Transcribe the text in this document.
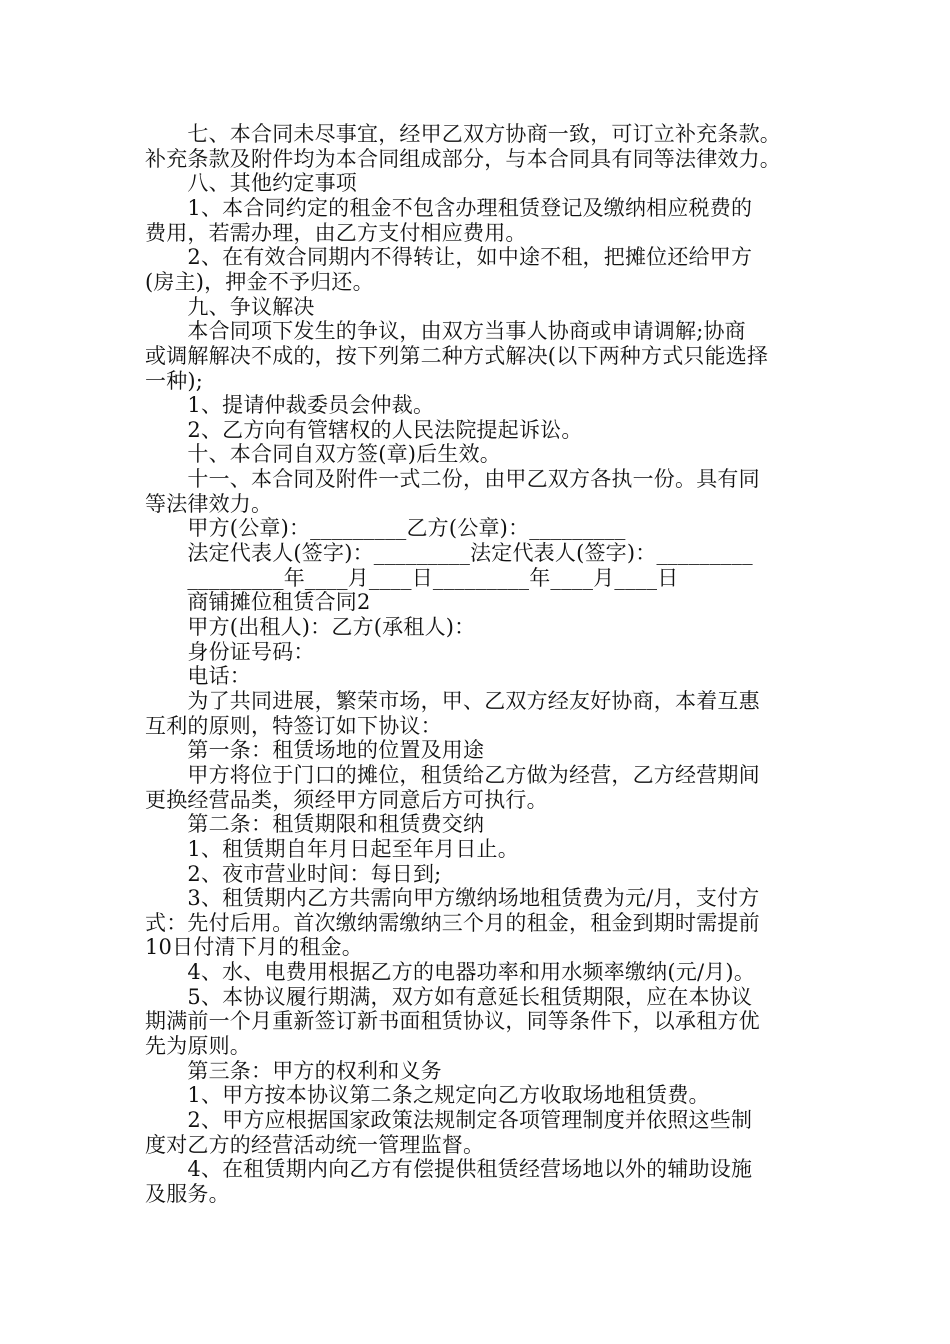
　　七、本合同未尽事宜，经甲乙双方协商一致，可订立补充条款。
补充条款及附件均为本合同组成部分，与本合同具有同等法律效力。
　　八、其他约定事项
　　1、本合同约定的租金不包含办理租赁登记及缴纳相应税费的
费用，若需办理，由乙方支付相应费用。
　　2、在有效合同期内不得转让，如中途不租，把摊位还给甲方
(房主)，押金不予归还。
　　九、争议解决
　　本合同项下发生的争议，由双方当事人协商或申请调解;协商
或调解解决不成的，按下列第二种方式解决(以下两种方式只能选择
一种);
　　1、提请仲裁委员会仲裁。
　　2、乙方向有管辖权的人民法院提起诉讼。
　　十、本合同自双方签(章)后生效。
　　十一、本合同及附件一式二份，由甲乙双方各执一份。具有同
等法律效力。
　　甲方(公章)：_________乙方(公章)：_________
　　法定代表人(签字)：_________法定代表人(签字)：_________
　　_________年____月____日_________年____月____日
　　商铺摊位租赁合同2
　　甲方(出租人)：乙方(承租人)：
　　身份证号码：
　　电话：
　　为了共同进展，繁荣市场，甲、乙双方经友好协商，本着互惠
互利的原则，特签订如下协议：
　　第一条：租赁场地的位置及用途
　　甲方将位于门口的摊位，租赁给乙方做为经营，乙方经营期间
更换经营品类，须经甲方同意后方可执行。
　　第二条：租赁期限和租赁费交纳
　　1、租赁期自年月日起至年月日止。
　　2、夜市营业时间：每日到;
　　3、租赁期内乙方共需向甲方缴纳场地租赁费为元/月，支付方
式：先付后用。首次缴纳需缴纳三个月的租金，租金到期时需提前
10日付清下月的租金。
　　4、水、电费用根据乙方的电器功率和用水频率缴纳(元/月)。
　　5、本协议履行期满，双方如有意延长租赁期限，应在本协议
期满前一个月重新签订新书面租赁协议，同等条件下，以承租方优
先为原则。
　　第三条：甲方的权利和义务
　　1、甲方按本协议第二条之规定向乙方收取场地租赁费。
　　2、甲方应根据国家政策法规制定各项管理制度并依照这些制
度对乙方的经营活动统一管理监督。
　　4、在租赁期内向乙方有偿提供租赁经营场地以外的辅助设施
及服务。
